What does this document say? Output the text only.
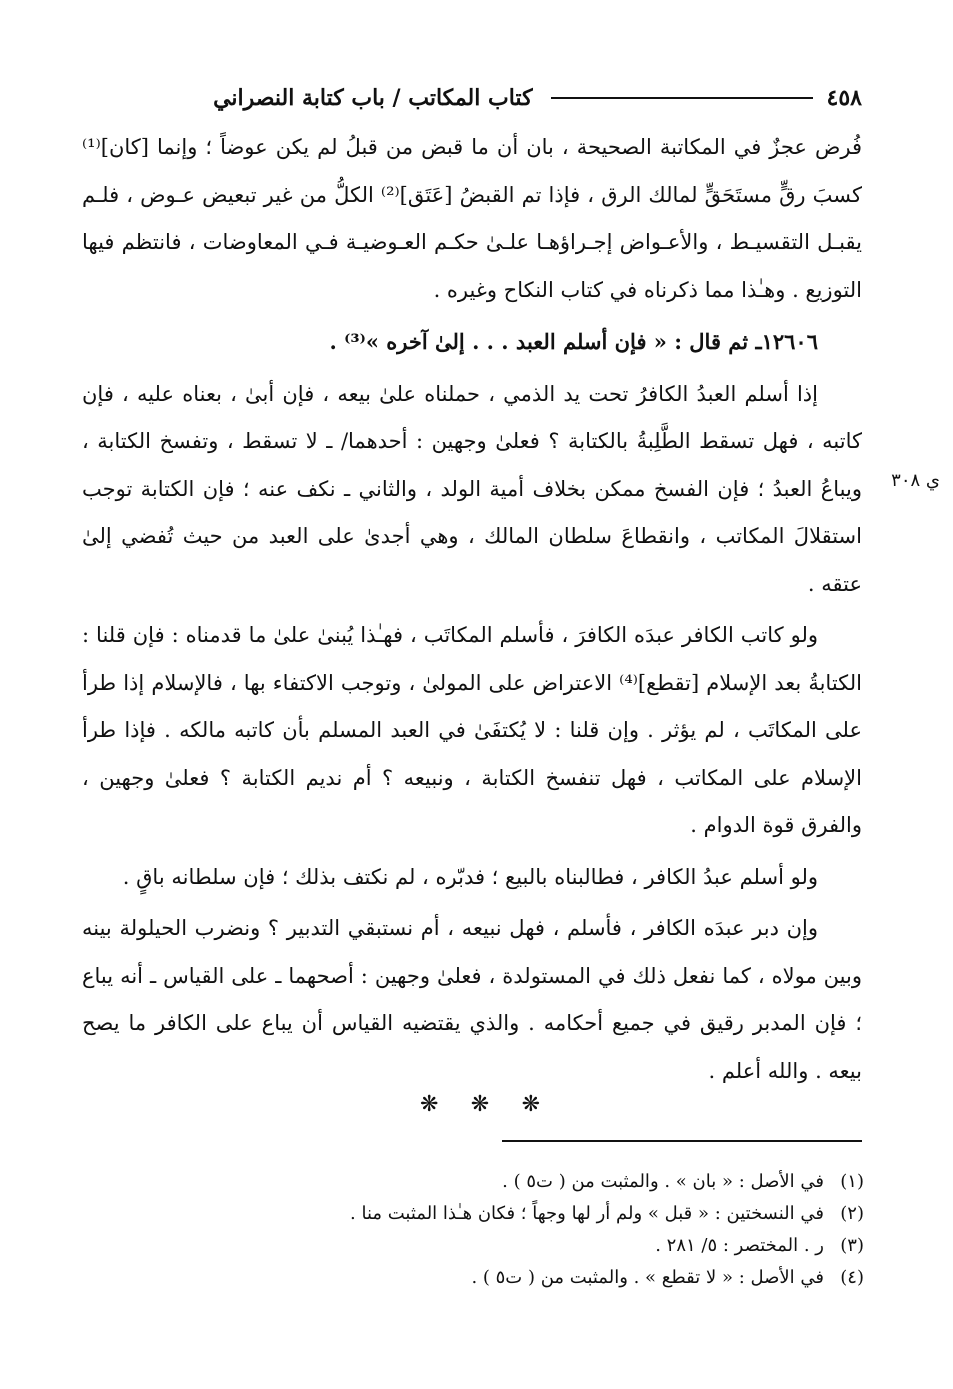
٤٥٨
كتاب المكاتب / باب كتابة النصراني

فُرض عجزٌ في المكاتبة الصحيحة ، بان أن ما قبض من قبلُ لم يكن عوضاً ؛ وإنما [كان]⁽¹⁾ كسبَ رقٍّ مستَحَقٍّ لمالك الرق ، فإذا تم القبضُ [عَتَق]⁽²⁾ الكلُّ من غير تبعيض عـوض ، فلـم يقبـل التقسيـط ، والأعـواض إجـراؤهـا علـىٰ حكـم العـوضيـة فـي المعاوضات ، فانتظم فيها التوزيع . وهـٰذا مما ذكرناه في كتاب النكاح وغيره .

١٢٦٠٦ـ ثم قال : « فإن أسلم العبد . . . إلىٰ آخره »⁽³⁾ .

إذا أسلم العبدُ الكافرُ تحت يد الذمي ، حملناه علىٰ بيعه ، فإن أبىٰ ، بعناه عليه ، فإن كاتبه ، فهل تسقط الطَّلِبةُ بالكتابة ؟ فعلىٰ وجهين : أحدهما/ ـ لا تسقط ، وتفسخ الكتابة ، ويباعُ العبدُ ؛ فإن الفسخ ممكن بخلاف أمية الولد ، والثاني ـ نكف عنه ؛ فإن الكتابة توجب استقلالَ المكاتب ، وانقطاعَ سلطان المالك ، وهي أجدىٰ على العبد من حيث تُفضي إلىٰ عتقه .

ولو كاتب الكافر عبدَه الكافرَ ، فأسلم المكاتَب ، فهـٰذا يُبنىٰ علىٰ ما قدمناه : فإن قلنا : الكتابةُ بعد الإسلام [تقطع]⁽⁴⁾ الاعتراض على المولىٰ ، وتوجب الاكتفاء بها ، فالإسلام إذا طرأ على المكاتَب ، لم يؤثر . وإن قلنا : لا يُكتفَىٰ في العبد المسلم بأن كاتبه مالكه . فإذا طرأ الإسلام على المكاتب ، فهل تنفسخ الكتابة ، ونبيعه ؟ أم نديم الكتابة ؟ فعلىٰ وجهين ، والفرق قوة الدوام .

ولو أسلم عبدُ الكافر ، فطالبناه بالبيع ؛ فدبّره ، لم نكتف بذلك ؛ فإن سلطانه باقٍ .

وإن دبر عبدَه الكافر ، فأسلم ، فهل نبيعه ، أم نستبقي التدبير ؟ ونضرب الحيلولة بينه وبين مولاه ، كما نفعل ذلك في المستولدة ، فعلىٰ وجهين : أصحهما ـ على القياس ـ أنه يباع ؛ فإن المدبر رقيق في جميع أحكامه . والذي يقتضيه القياس أن يباع على الكافر ما يصح بيعه . والله أعلم .

ي ٣٠٨
❋ ❋ ❋
(١)
في الأصل : « بان » . والمثبت من ( ت٥ ) .
(٢)
في النسختين : « قبل » ولم أر لها وجهاً ؛ فكان هـٰذا المثبت منا .
(٣)
ر . المختصر : ٥/ ٢٨١ .
(٤)
في الأصل : « لا تقطع » . والمثبت من ( ت٥ ) .
